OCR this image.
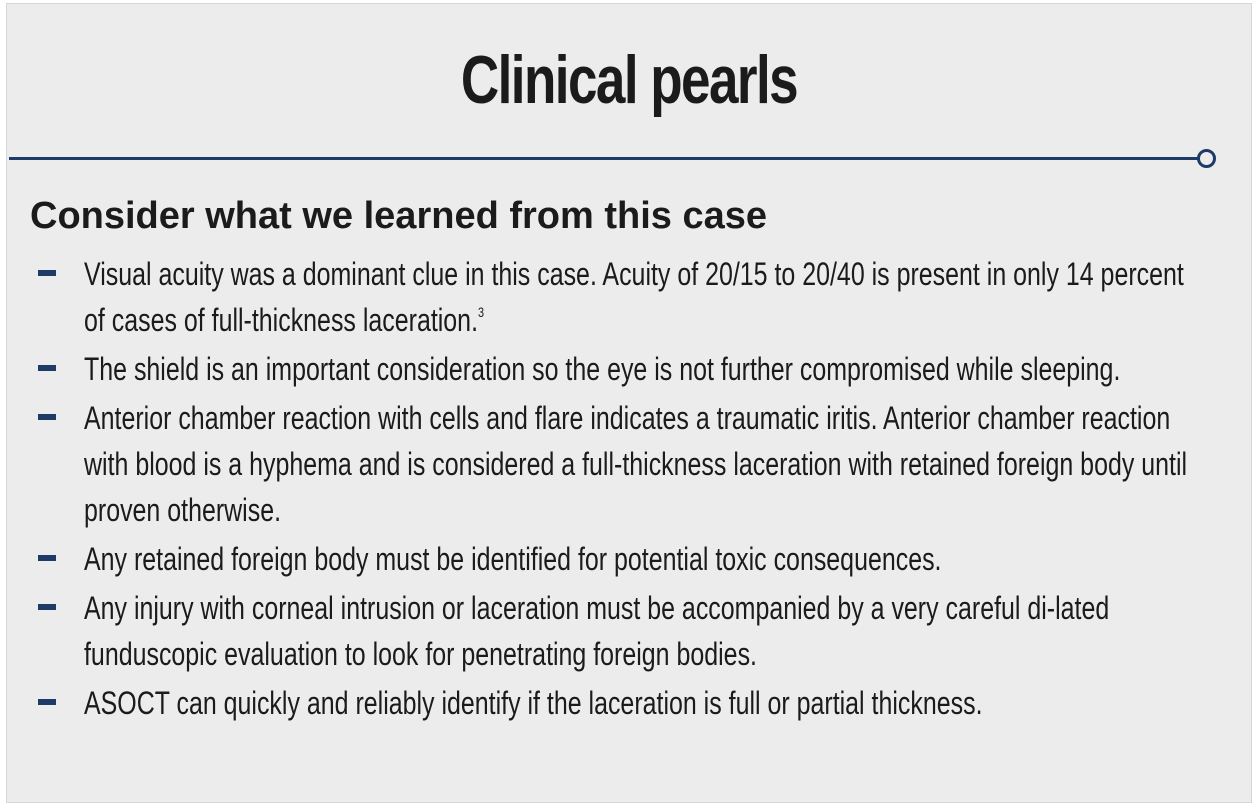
Clinical pearls
Consider what we learned from this case
Visual acuity was a dominant clue in this case. Acuity of 20/15 to 20/40 is present in only 14 percent of cases of full-thickness laceration.$^3$
The shield is an important consideration so the eye is not further compromised while sleeping.
Anterior chamber reaction with cells and flare indicates a traumatic iritis. Anterior chamber reaction with blood is a hyphema and is considered a full-thickness laceration with retained foreign body until proven otherwise.
Any retained foreign body must be identified for potential toxic consequences.
Any injury with corneal intrusion or laceration must be accompanied by a very careful di-lated funduscopic evaluation to look for penetrating foreign bodies.
ASOCT can quickly and reliably identify if the laceration is full or partial thickness.
